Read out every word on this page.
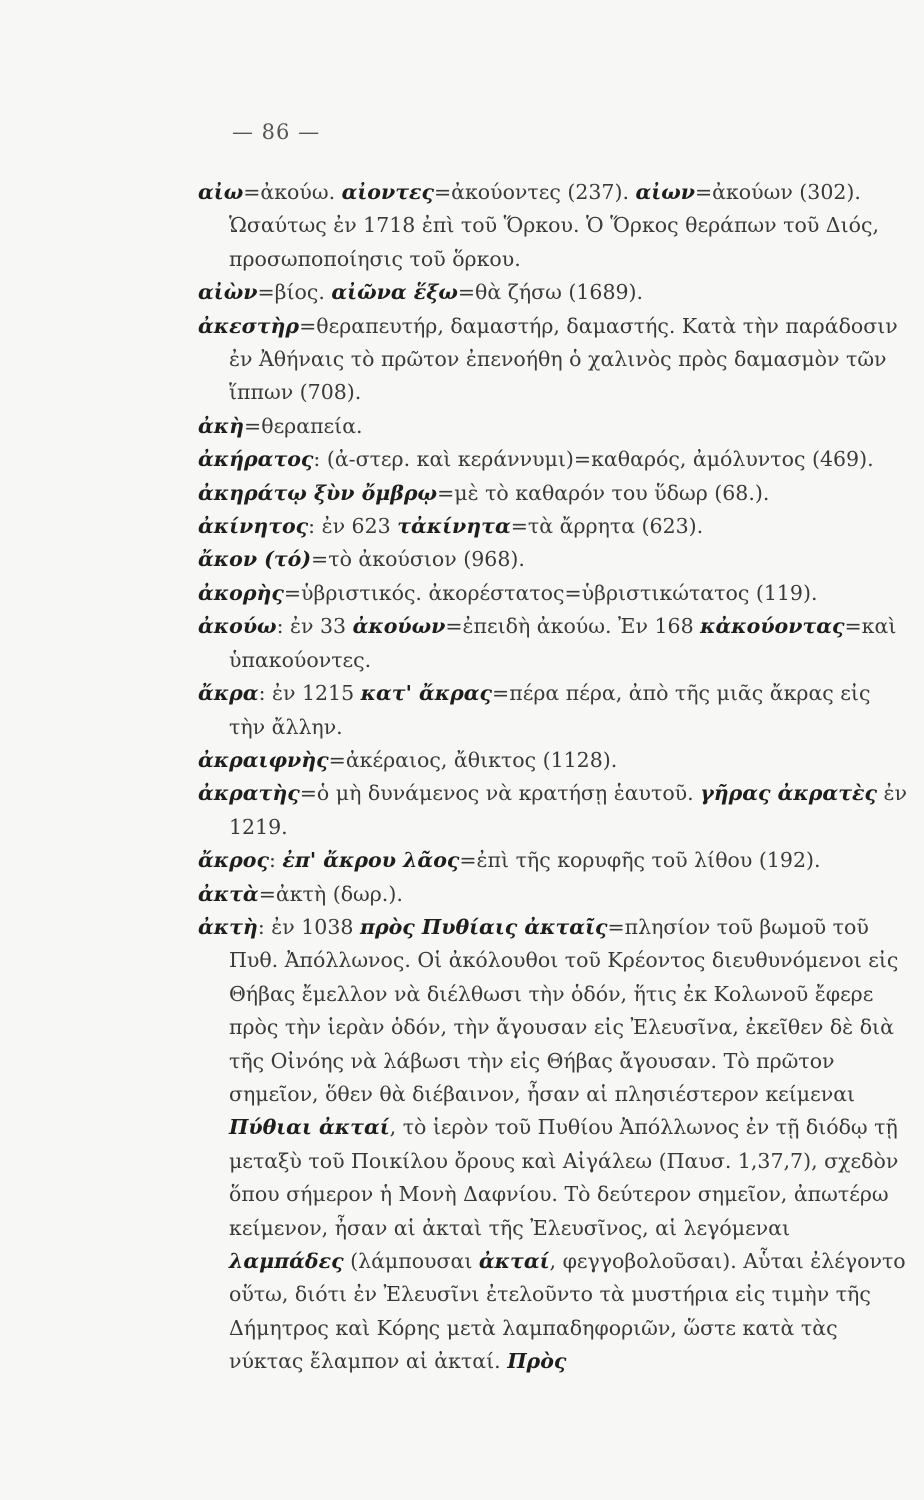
— 86 —

αἰω=ἀκούω. αἰοντες=ἀκούοντες (237). αἰων=ἀκούων (302). Ὡσαύτως ἐν 1718 ἐπὶ τοῦ Ὅρκου. Ὁ Ὅρκος θεράπων τοῦ Διός, προσωποποίησις τοῦ ὅρκου.

αἰὼν=βίος. αἰῶνα ἕξω=θὰ ζήσω (1689).

ἀκεστὴρ=θεραπευτήρ, δαμαστήρ, δαμαστής. Κατὰ τὴν παράδοσιν ἐν Ἀθήναις τὸ πρῶτον ἐπενοήθη ὁ χαλινὸς πρὸς δαμασμὸν τῶν ἵππων (708).

ἀκὴ=θεραπεία.

ἀκήρατος: (ἀ-στερ. καὶ κεράννυμι)=καθαρός, ἀμόλυντος (469).

ἀκηράτῳ ξὺν ὄμβρῳ=μὲ τὸ καθαρόν του ὕδωρ (68.).

ἀκίνητος: ἐν 623 τἀκίνητα=τὰ ἄρρητα (623).

ἄκον (τό)=τὸ ἀκούσιον (968).

ἀκορὴς=ὑβριστικός. ἀκορέστατος=ὑβριστικώτατος (119).

ἀκούω: ἐν 33 ἀκούων=ἐπειδὴ ἀκούω. Ἐν 168 κἀκούοντας=καὶ ὑπακούοντες.

ἄκρα: ἐν 1215 κατ' ἄκρας=πέρα πέρα, ἀπὸ τῆς μιᾶς ἄκρας εἰς τὴν ἄλλην.

ἀκραιφνὴς=ἀκέραιος, ἄθικτος (1128).

ἀκρατὴς=ὁ μὴ δυνάμενος νὰ κρατήσῃ ἑαυτοῦ. γῆρας ἀκρατὲς ἐν 1219.

ἄκρος: ἐπ' ἄκρου λᾶος=ἐπὶ τῆς κορυφῆς τοῦ λίθου (192).

ἀκτὰ=ἀκτὴ (δωρ.).

ἀκτὴ: ἐν 1038 πρὸς Πυθίαις ἀκταῖς=πλησίον τοῦ βωμοῦ τοῦ Πυθ. Ἀπόλλωνος. Οἱ ἀκόλουθοι τοῦ Κρέοντος διευθυνόμενοι εἰς Θήβας ἔμελλον νὰ διέλθωσι τὴν ὁδόν, ἥτις ἐκ Κολωνοῦ ἔφερε πρὸς τὴν ἱερὰν ὁδόν, τὴν ἄγουσαν εἰς Ἐλευσῖνα, ἐκεῖθεν δὲ διὰ τῆς Οἰνόης νὰ λάβωσι τὴν εἰς Θήβας ἄγουσαν. Τὸ πρῶτον σημεῖον, ὅθεν θὰ διέβαινον, ἦσαν αἱ πλησιέστερον κείμεναι Πύθιαι ἀκταί, τὸ ἱερὸν τοῦ Πυθίου Ἀπόλλωνος ἐν τῇ διόδῳ τῇ μεταξὺ τοῦ Ποικίλου ὄρους καὶ Αἰγάλεω (Παυσ. 1,37,7), σχεδὸν ὅπου σήμερον ἡ Μονὴ Δαφνίου. Τὸ δεύτερον σημεῖον, ἀπωτέρω κείμενον, ἦσαν αἱ ἀκταὶ τῆς Ἐλευσῖνος, αἱ λεγόμεναι λαμπάδες (λάμπουσαι ἀκταί, φεγγοβολοῦσαι). Αὗται ἐλέγοντο οὕτω, διότι ἐν Ἐλευσῖνι ἐτελοῦντο τὰ μυστήρια εἰς τιμὴν τῆς Δήμητρος καὶ Κόρης μετὰ λαμπαδηφοριῶν, ὥστε κατὰ τὰς νύκτας ἔλαμπον αἱ ἀκταί. Πρὸς
